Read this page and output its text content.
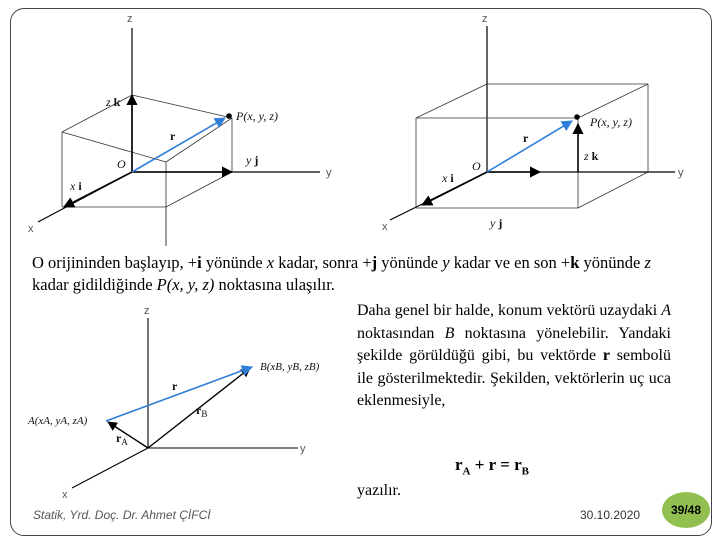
z
y
x
O
P(x, y, z)
r
z k
y j
x i
z
y
x
O
P(x, y, z)
r
z k
y j
x i
O orijininden başlayıp, +i yönünde x kadar, sonra +j yönünde y kadar ve en son +k yönünde z kadar gidildiğinde P(x, y, z) noktasına ulaşılır.
z
y
x
A(xA, yA, zA)
B(xB, yB, zB)
r
rB
rA
Daha genel bir halde, konum vektörü uzaydaki A noktasından B noktasına yönelebilir. Yandaki şekilde görüldüğü gibi, bu vektörde r sembolü ile gösterilmektedir. Şekilden, vektörlerin uç uca eklenmesiyle,
$r_A + r = r_B$
yazılır.
Statik, Yrd. Doç. Dr. Ahmet ÇİFCİ	30.10.2020	39/48
